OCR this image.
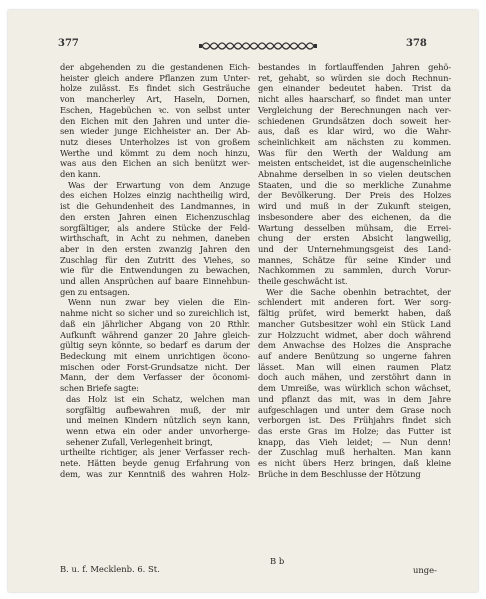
377	378
der abgehenden zu die gestandenen Eich-
heister gleich andere Pflanzen zum Unter-
holze zulässt. Es findet sich Gesträuche
von mancherley Art, Haseln, Dornen,
Eschen, Hagebüchen ꝛc. von selbst unter
den Eichen mit den Jahren und unter die-
sen wieder junge Eichheister an. Der Ab-
nutz dieses Unterholzes ist von großem
Werthe und kömmt zu dem noch hinzu,
was aus den Eichen an sich benützt wer-
den kann.
Was der Erwartung von dem Anzuge
des eichen Holzes einzig nachtheilig wird,
ist die Gehundenheit des Landmannes, in
den ersten Jahren einen Eichenzuschlag
sorgfältiger, als andere Stücke der Feld-
wirthschaft, in Acht zu nehmen, daneben
aber in den ersten zwanzig Jahren den
Zuschlag für den Zutritt des Viehes, so
wie für die Entwendungen zu bewachen,
und allen Ansprüchen auf baare Einnehbun-
gen zu entsagen.
Wenn nun zwar bey vielen die Ein-
nahme nicht so sicher und so zureichlich ist,
daß ein jährlicher Abgang von 20 Rthlr.
Aufkunft während ganzer 20 Jahre gleich-
gültig seyn könnte, so bedarf es darum der
Bedeckung mit einem unrichtigen öcono-
mischen oder Forst-Grundsatze nicht. Der
Mann, der dem Verfasser der öconomi-
schen Briefe sagte:
das Holz ist ein Schatz, welchen man
sorgfältig aufbewahren muß, der mir
und meinen Kindern nützlich seyn kann,
wenn etwa ein oder ander unvorherge-
sehener Zufall, Verlegenheit bringt,
urtheilte richtiger, als jener Verfasser rech-
nete. Hätten beyde genug Erfahrung von
dem, was zur Kenntniß des wahren Holz-
bestandes in fortlauffenden Jahren gehö-
ret, gehabt, so würden sie doch Rechnun-
gen einander bedeutet haben. Trist da
nicht alles haarscharf, so findet man unter
Vergleichung der Berechnungen nach ver-
schiedenen Grundsätzen doch soweit her-
aus, daß es klar wird, wo die Wahr-
scheinlichkeit am nächsten zu kommen.
Was für den Werth der Waldung am
meisten entscheidet, ist die augenscheinliche
Abnahme derselben in so vielen deutschen
Staaten, und die so merkliche Zunahme
der Bevölkerung. Der Preis des Holzes
wird und muß in der Zukunft steigen,
insbesondere aber des eichenen, da die
Wartung desselben mühsam, die Errei-
chung der ersten Absicht langweilig,
und der Unternehmungsgeist des Land-
mannes, Schätze für seine Kinder und
Nachkommen zu sammlen, durch Vorur-
theile geschwächt ist.
Wer die Sache obenhin betrachtet, der
schlendert mit anderen fort. Wer sorg-
fältig prüfet, wird bemerkt haben, daß
mancher Gutsbesitzer wohl ein Stück Land
zur Holzzucht widmet, aber doch während
dem Anwachse des Holzes die Ansprache
auf andere Benützung so ungerne fahren
lässet. Man will einen raumen Platz
doch auch mähen, und zerstöhrt dann in
dem Umreiße, was würklich schon wächset,
und pflanzt das mit, was in dem Jahre
aufgeschlagen und unter dem Grase noch
verborgen ist. Des Frühjahrs findet sich
das erste Gras im Holze; das Futter ist
knapp, das Vieh leidet; — Nun denn!
der Zuschlag muß herhalten. Man kann
es nicht übers Herz bringen, daß kleine
Brüche in dem Beschlusse der Hötzung
B. u. f. Mecklenb. 6. St.	unge-
B b
